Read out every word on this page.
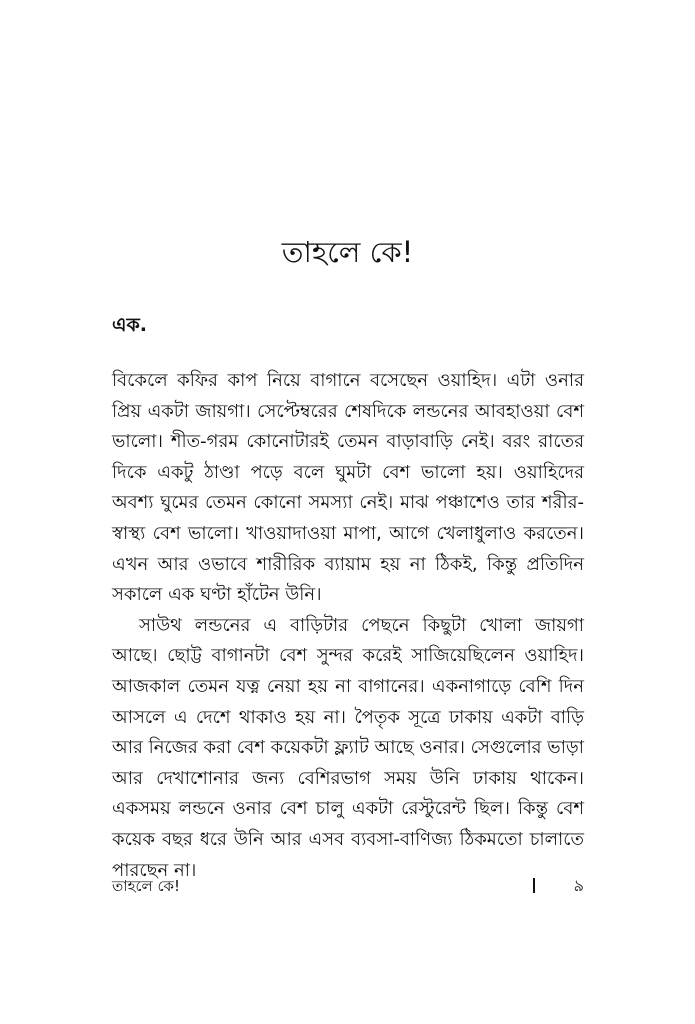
তাহলে কে!
এক.

বিকেলে কফির কাপ নিয়ে বাগানে বসেছেন ওয়াহিদ। এটা ওনার প্রিয় একটা জায়গা। সেপ্টেম্বরের শেষদিকে লন্ডনের আবহাওয়া বেশ ভালো। শীত-গরম কোনোটারই তেমন বাড়াবাড়ি নেই। বরং রাতের দিকে একটু ঠাণ্ডা পড়ে বলে ঘুমটা বেশ ভালো হয়। ওয়াহিদের অবশ্য ঘুমের তেমন কোনো সমস্যা নেই। মাঝ পঞ্চাশেও তার শরীর-স্বাস্থ্য বেশ ভালো। খাওয়াদাওয়া মাপা, আগে খেলাধুলাও করতেন। এখন আর ওভাবে শারীরিক ব্যায়াম হয় না ঠিকই, কিন্তু প্রতিদিন সকালে এক ঘণ্টা হাঁটেন উনি।

সাউথ লন্ডনের এ বাড়িটার পেছনে কিছুটা খোলা জায়গা আছে। ছোট্ট বাগানটা বেশ সুন্দর করেই সাজিয়েছিলেন ওয়াহিদ। আজকাল তেমন যত্ন নেয়া হয় না বাগানের। একনাগাড়ে বেশি দিন আসলে এ দেশে থাকাও হয় না। পৈতৃক সূত্রে ঢাকায় একটা বাড়ি আর নিজের করা বেশ কয়েকটা ফ্ল্যাট আছে ওনার। সেগুলোর ভাড়া আর দেখাশোনার জন্য বেশিরভাগ সময় উনি ঢাকায় থাকেন। একসময় লন্ডনে ওনার বেশ চালু একটা রেস্টুরেন্ট ছিল। কিন্তু বেশ কয়েক বছর ধরে উনি আর এসব ব্যবসা-বাণিজ্য ঠিকমতো চালাতে পারছেন না।

তাহলে কে!	৯
